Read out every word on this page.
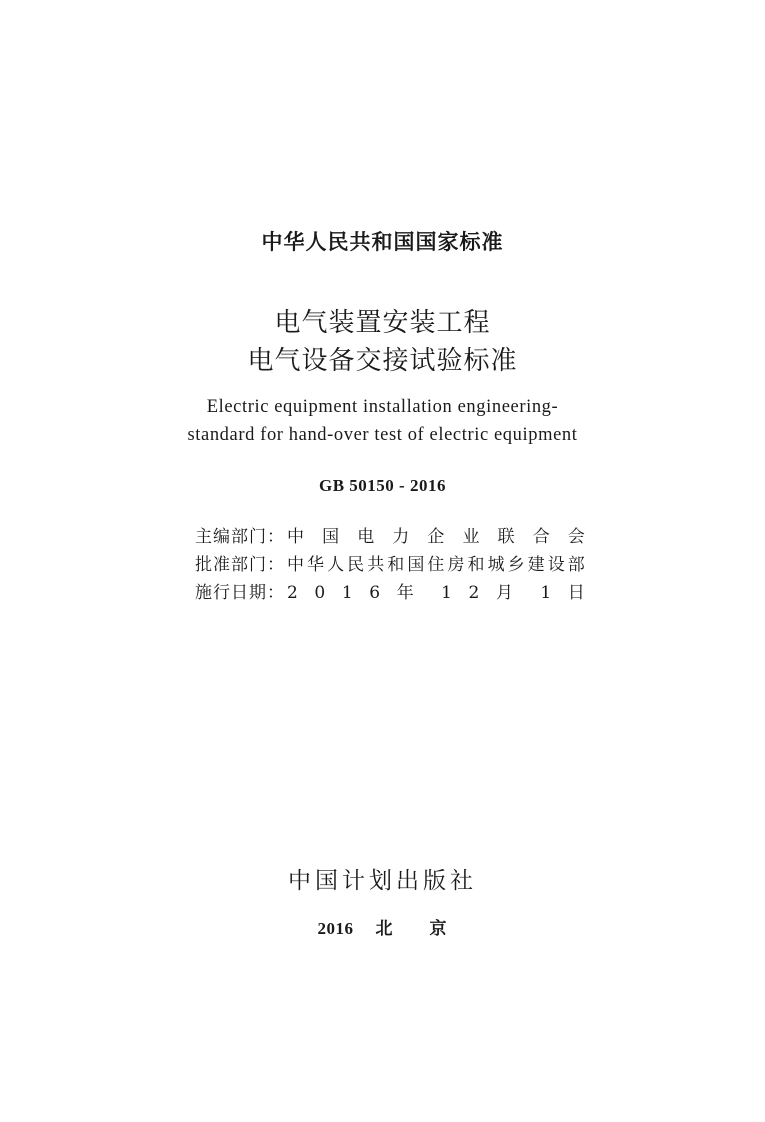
中华人民共和国国家标准
电气装置安装工程
电气设备交接试验标准
Electric equipment installation engineering-
standard for hand-over test of electric equipment
GB 50150 - 2016
主编部门： 中 国 电 力 企 业 联 合 会
批准部门： 中华人民共和国住房和城乡建设部
施行日期： 2 0 1 6 年 1 2 月 1 日
中国计划出版社
2016 北　　京
